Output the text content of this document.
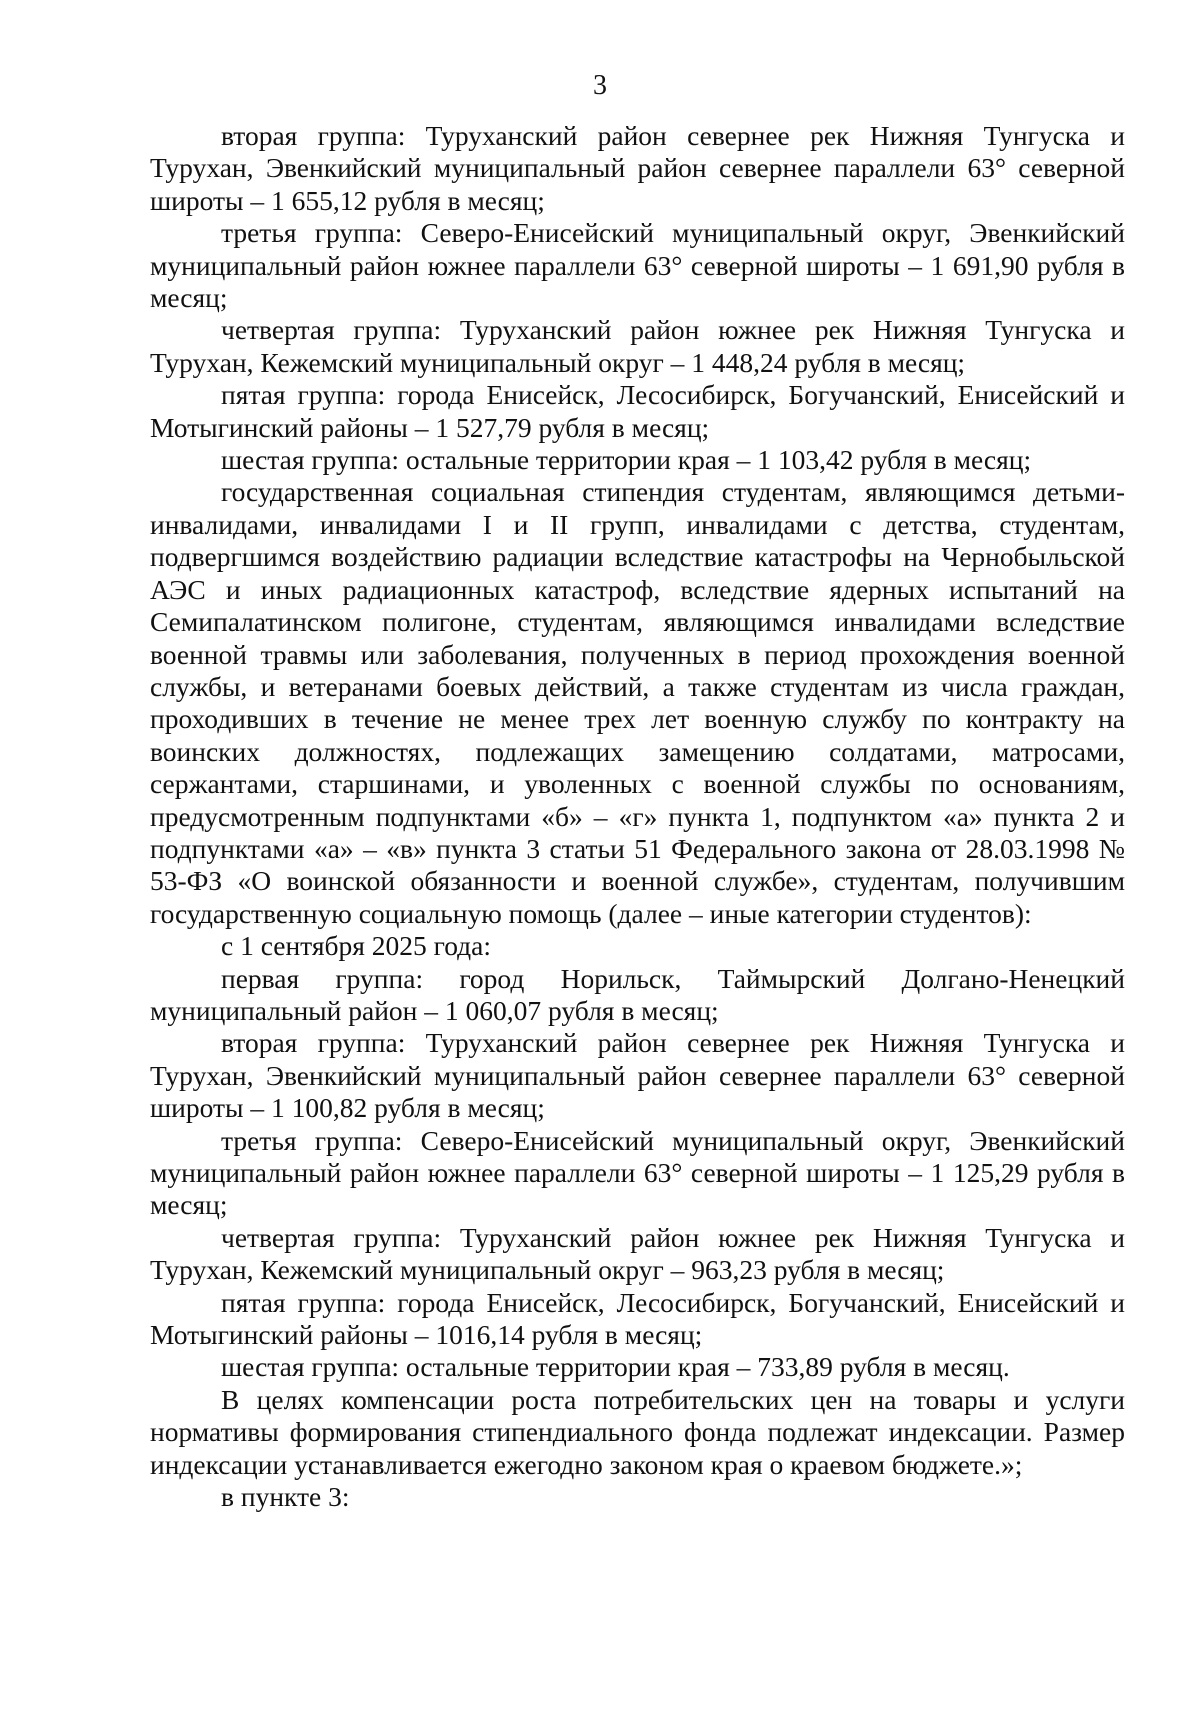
3

вторая группа: Туруханский район севернее рек Нижняя Тунгуска и Турухан, Эвенкийский муниципальный район севернее параллели 63° северной широты – 1 655,12 рубля в месяц;

третья группа: Северо-Енисейский муниципальный округ, Эвенкийский муниципальный район южнее параллели 63° северной широты – 1 691,90 рубля в месяц;

четвертая группа: Туруханский район южнее рек Нижняя Тунгуска и Турухан, Кежемский муниципальный округ – 1 448,24 рубля в месяц;

пятая группа: города Енисейск, Лесосибирск, Богучанский, Енисейский и Мотыгинский районы – 1 527,79 рубля в месяц;

шестая группа: остальные территории края – 1 103,42 рубля в месяц;

государственная социальная стипендия студентам, являющимся детьми-инвалидами, инвалидами I и II групп, инвалидами с детства, студентам, подвергшимся воздействию радиации вследствие катастрофы на Чернобыльской АЭС и иных радиационных катастроф, вследствие ядерных испытаний на Семипалатинском полигоне, студентам, являющимся инвалидами вследствие военной травмы или заболевания, полученных в период прохождения военной службы, и ветеранами боевых действий, а также студентам из числа граждан, проходивших в течение не менее трех лет военную службу по контракту на воинских должностях, подлежащих замещению солдатами, матросами, сержантами, старшинами, и уволенных с военной службы по основаниям, предусмотренным подпунктами «б» – «г» пункта 1, подпунктом «а» пункта 2 и подпунктами «а» – «в» пункта 3 статьи 51 Федерального закона от 28.03.1998 № 53-ФЗ «О воинской обязанности и военной службе», студентам, получившим государственную социальную помощь (далее – иные категории студентов):

с 1 сентября 2025 года:

первая группа: город Норильск, Таймырский Долгано-Ненецкий муниципальный район – 1 060,07 рубля в месяц;

вторая группа: Туруханский район севернее рек Нижняя Тунгуска и Турухан, Эвенкийский муниципальный район севернее параллели 63° северной широты – 1 100,82 рубля в месяц;

третья группа: Северо-Енисейский муниципальный округ, Эвенкийский муниципальный район южнее параллели 63° северной широты – 1 125,29 рубля в месяц;

четвертая группа: Туруханский район южнее рек Нижняя Тунгуска и Турухан, Кежемский муниципальный округ – 963,23 рубля в месяц;

пятая группа: города Енисейск, Лесосибирск, Богучанский, Енисейский и Мотыгинский районы – 1016,14 рубля в месяц;

шестая группа: остальные территории края – 733,89 рубля в месяц.

В целях компенсации роста потребительских цен на товары и услуги нормативы формирования стипендиального фонда подлежат индексации. Размер индексации устанавливается ежегодно законом края о краевом бюджете.»;

в пункте 3:
